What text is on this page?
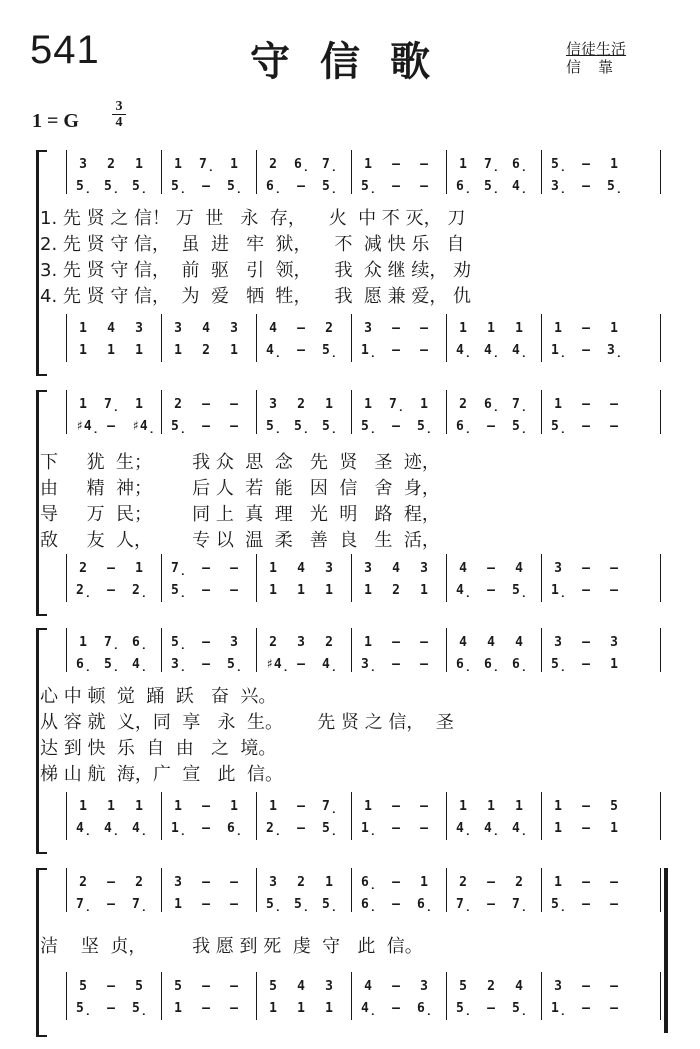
541	守信歌	信徒生活
信　靠
1 = G
3
4
3 2 1 1 7̣ 1 2 6̣ 7̣ 1 – – 1 7̣ 6̣ 5̣ – 1
5̣ 5̣ 5̣ 5̣ – 5̣ 6̣ – 5̣ 5̣ – – 6̣ 5̣ 4̣ 3̣ – 5̣
1 4 3 3 4 3 4 – 2 3 – – 1 1 1 1 – 1
1 1 1 1 2 1 4̣ – 5̣ 1̣ – – 4̣ 4̣ 4̣ 1̣ – 3̣
1. 先 贤 之 信！ 万  世   永  存，    火  中 不 灭， 刀
2. 先 贤 守 信，  虽  进   牢  狱，    不  减 快 乐   自
3. 先 贤 守 信，  前  驱   引  领，    我  众 继 续， 劝
4. 先 贤 守 信，  为  爱   牺  牲，    我  愿 兼 爱， 仇
1 7̣ 1 2 – – 3 2 1 1 7̣ 1 2 6̣ 7̣ 1 – –
♯4̣ – ♯4̣ 5̣ – – 5̣ 5̣ 5̣ 5̣ – 5̣ 6̣ – 5̣ 5̣ – –
2 – 1 7̣ – – 1 4 3 3 4 3 4 – 4 3 – –
2̣ – 2̣ 5̣ – – 1 1 1 1 2 1 4̣ – 5̣ 1̣ – –
下     犹  生；       我 众  思  念   先  贤   圣  迹，
由     精  神；       后 人  若  能   因  信   舍  身，
导     万  民；       同 上  真  理   光  明   路  程，
敌     友  人，       专 以  温  柔   善  良   生  活，
1 7̣ 6̣ 5̣ – 3 2 3 2 1 – – 4 4 4 3 – 3
6̣ 5̣ 4̣ 3̣ – 5̣ ♯4̣ – 4̣ 3̣ – – 6̣ 6̣ 6̣ 5̣ – 1
1 1 1 1 – 1 1 – 7̣ 1 – – 1 1 1 1 – 5
4̣ 4̣ 4̣ 1̣ – 6̣ 2̣ – 5̣ 1̣ – – 4̣ 4̣ 4̣ 1 – 1
心 中 顿  觉  踊  跃   奋  兴。
从 容 就  义，同  享   永  生。      先 贤 之 信，  圣
达 到 快  乐  自  由   之  境。
梯 山 航  海，广  宣   此  信。
2 – 2 3 – – 3 2 1 6̣ – 1 2 – 2 1 – –
7̣ – 7̣ 1 – – 5̣ 5̣ 5̣ 6̣ – 6̣ 7̣ – 7̣ 5̣ – –
5 – 5 5 – – 5 4 3 4 – 3 5 2 4 3 – –
5̣ – 5̣ 1 – – 1 1 1 4̣ – 6̣ 5̣ – 5̣ 1̣ – –
洁    坚  贞，        我 愿 到 死  虔  守   此  信。
